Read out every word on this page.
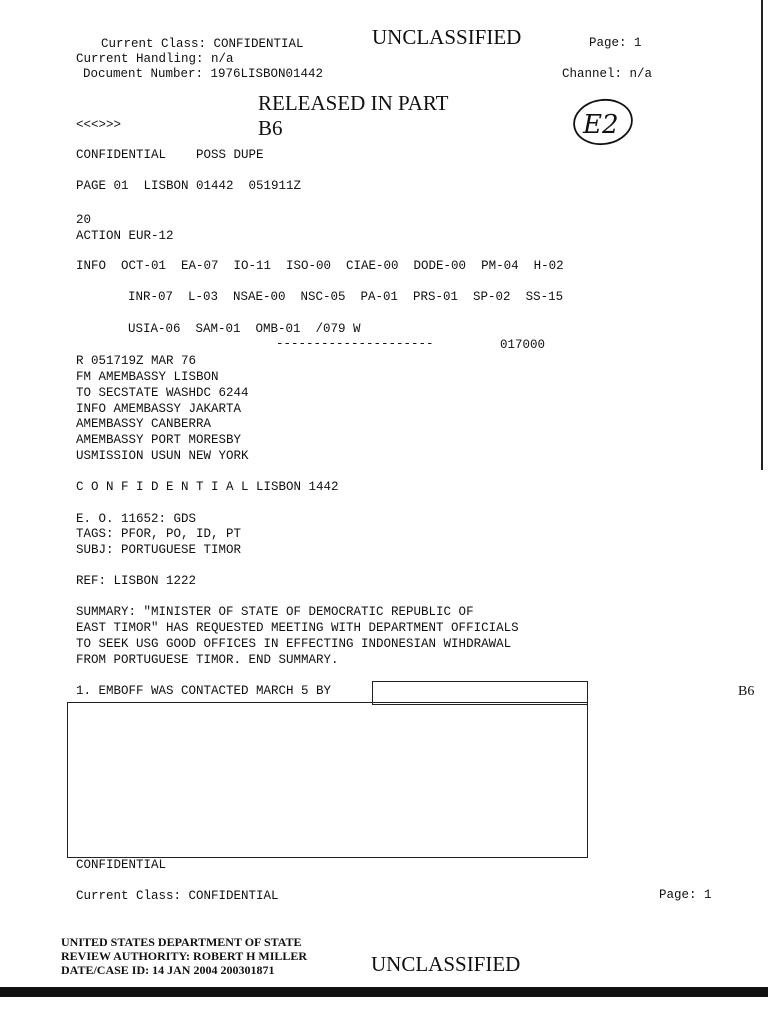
Current Class: CONFIDENTIAL
Current Handling: n/a
Document Number: 1976LISBON01442
UNCLASSIFIED	Page: 1
Channel: n/a
RELEASED IN PART
B6	E2
<<<>>>
CONFIDENTIAL    POSS DUPE
PAGE 01  LISBON 01442  051911Z
20
ACTION EUR-12
INFO  OCT-01  EA-07  IO-11  ISO-00  CIAE-00  DODE-00  PM-04  H-02
INR-07  L-03  NSAE-00  NSC-05  PA-01  PRS-01  SP-02  SS-15
USIA-06  SAM-01  OMB-01  /079 W
---------------------	017000
R 051719Z MAR 76
FM AMEMBASSY LISBON
TO SECSTATE WASHDC 6244
INFO AMEMBASSY JAKARTA
AMEMBASSY CANBERRA
AMEMBASSY PORT MORESBY
USMISSION USUN NEW YORK
C O N F I D E N T I A L LISBON 1442
E. O. 11652: GDS
TAGS: PFOR, PO, ID, PT
SUBJ: PORTUGUESE TIMOR
REF: LISBON 1222
SUMMARY: "MINISTER OF STATE OF DEMOCRATIC REPUBLIC OF
EAST TIMOR" HAS REQUESTED MEETING WITH DEPARTMENT OFFICIALS
TO SEEK USG GOOD OFFICES IN EFFECTING INDONESIAN WIHDRAWAL
FROM PORTUGUESE TIMOR. END SUMMARY.
1. EMBOFF WAS CONTACTED MARCH 5 BY	B6
CONFIDENTIAL
Current Class: CONFIDENTIAL	Page: 1
UNITED STATES DEPARTMENT OF STATE
REVIEW AUTHORITY: ROBERT H MILLER
DATE/CASE ID: 14 JAN 2004 200301871	UNCLASSIFIED
